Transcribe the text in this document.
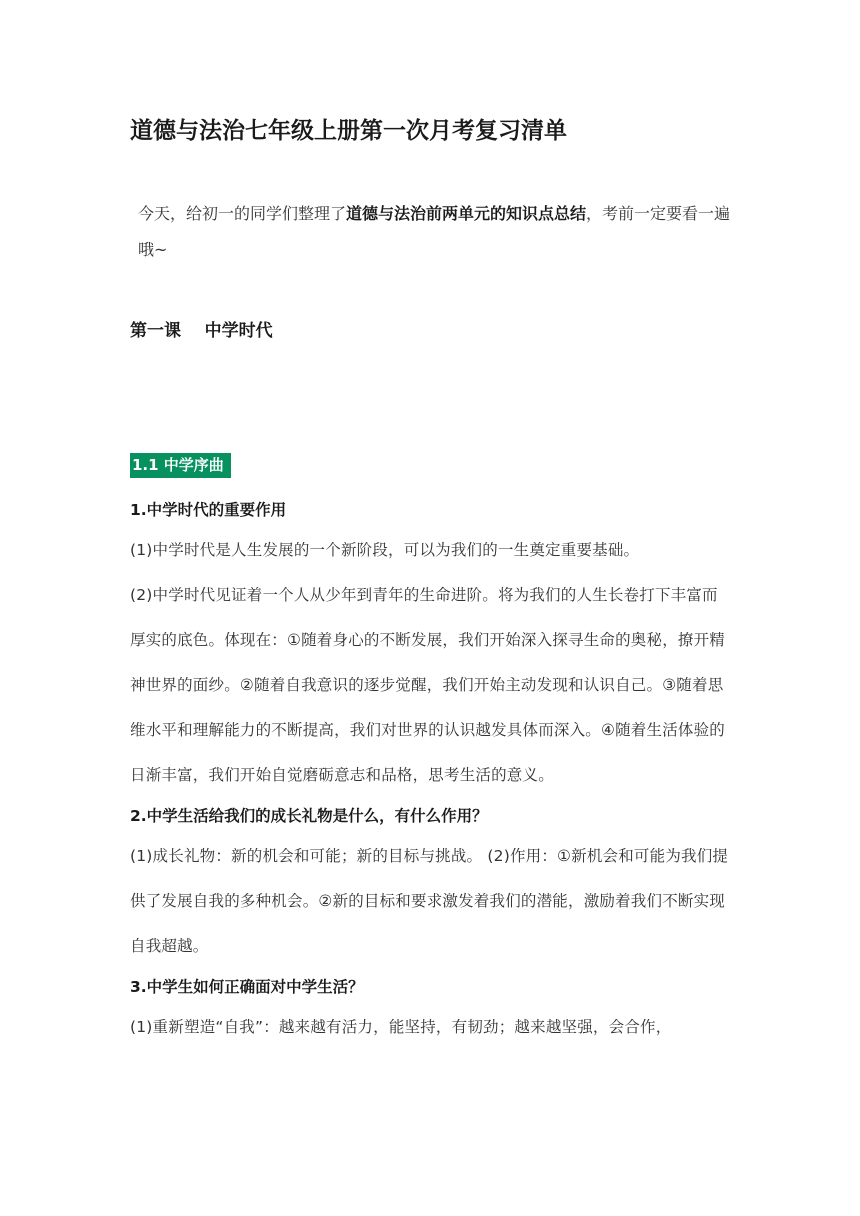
道德与法治七年级上册第一次月考复习清单
今天，给初一的同学们整理了道德与法治前两单元的知识点总结，考前一定要看一遍哦~
第一课    中学时代
1.1 中学序曲

1.中学时代的重要作用

(1)中学时代是人生发展的一个新阶段，可以为我们的一生奠定重要基础。

(2)中学时代见证着一个人从少年到青年的生命进阶。将为我们的人生长卷打下丰富而厚实的底色。体现在：①随着身心的不断发展，我们开始深入探寻生命的奥秘，撩开精神世界的面纱。②随着自我意识的逐步觉醒，我们开始主动发现和认识自己。③随着思维水平和理解能力的不断提高，我们对世界的认识越发具体而深入。④随着生活体验的日渐丰富，我们开始自觉磨砺意志和品格，思考生活的意义。

2.中学生活给我们的成长礼物是什么，有什么作用？

(1)成长礼物：新的机会和可能；新的目标与挑战。 (2)作用：①新机会和可能为我们提供了发展自我的多种机会。②新的目标和要求激发着我们的潜能，激励着我们不断实现自我超越。

3.中学生如何正确面对中学生活？

(1)重新塑造“自我”：越来越有活力，能坚持，有韧劲；越来越坚强，会合作，
